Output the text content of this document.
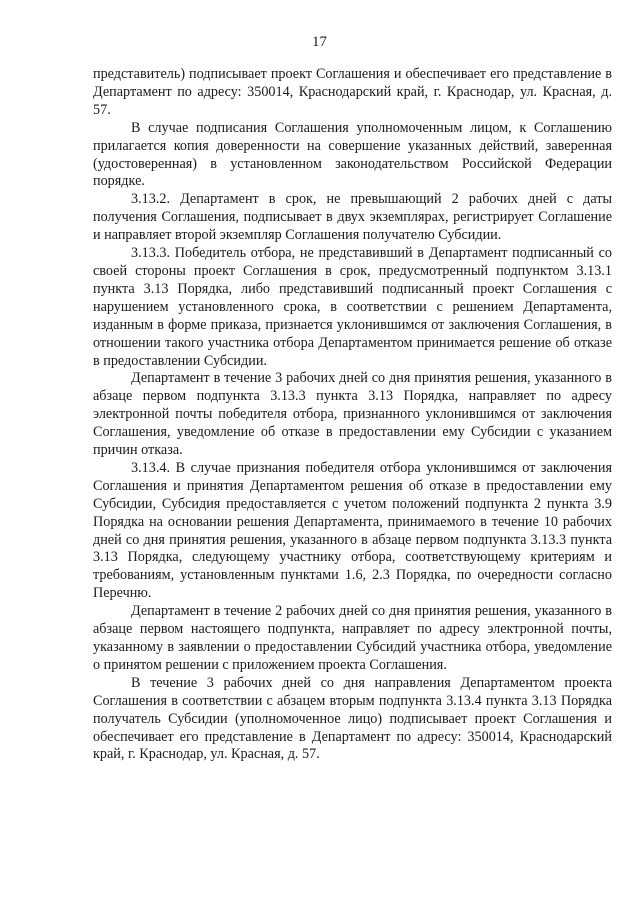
17

представитель) подписывает проект Соглашения и обеспечивает его представление в Департамент по адресу: 350014, Краснодарский край, г. Краснодар, ул. Красная, д. 57.

В случае подписания Соглашения уполномоченным лицом, к Соглашению прилагается копия доверенности на совершение указанных действий, заверенная (удостоверенная) в установленном законодательством Российской Федерации порядке.

3.13.2. Департамент в срок, не превышающий 2 рабочих дней с даты получения Соглашения, подписывает в двух экземплярах, регистрирует Соглашение и направляет второй экземпляр Соглашения получателю Субсидии.

3.13.3. Победитель отбора, не представивший в Департамент подписанный со своей стороны проект Соглашения в срок, предусмотренный подпунктом 3.13.1 пункта 3.13 Порядка, либо представивший подписанный проект Соглашения с нарушением установленного срока, в соответствии с решением Департамента, изданным в форме приказа, признается уклонившимся от заключения Соглашения, в отношении такого участника отбора Департаментом принимается решение об отказе в предоставлении Субсидии.

Департамент в течение 3 рабочих дней со дня принятия решения, указанного в абзаце первом подпункта 3.13.3 пункта 3.13 Порядка, направляет по адресу электронной почты победителя отбора, признанного уклонившимся от заключения Соглашения, уведомление об отказе в предоставлении ему Субсидии с указанием причин отказа.

3.13.4. В случае признания победителя отбора уклонившимся от заключения Соглашения и принятия Департаментом решения об отказе в предоставлении ему Субсидии, Субсидия предоставляется с учетом положений подпункта 2 пункта 3.9 Порядка на основании решения Департамента, принимаемого в течение 10 рабочих дней со дня принятия решения, указанного в абзаце первом подпункта 3.13.3 пункта 3.13 Порядка, следующему участнику отбора, соответствующему критериям и требованиям, установленным пунктами 1.6, 2.3 Порядка, по очередности согласно Перечню.

Департамент в течение 2 рабочих дней со дня принятия решения, указанного в абзаце первом настоящего подпункта, направляет по адресу электронной почты, указанному в заявлении о предоставлении Субсидий участника отбора, уведомление о принятом решении с приложением проекта Соглашения.

В течение 3 рабочих дней со дня направления Департаментом проекта Соглашения в соответствии с абзацем вторым подпункта 3.13.4 пункта 3.13 Порядка получатель Субсидии (уполномоченное лицо) подписывает проект Соглашения и обеспечивает его представление в Департамент по адресу: 350014, Краснодарский край, г. Краснодар, ул. Красная, д. 57.
